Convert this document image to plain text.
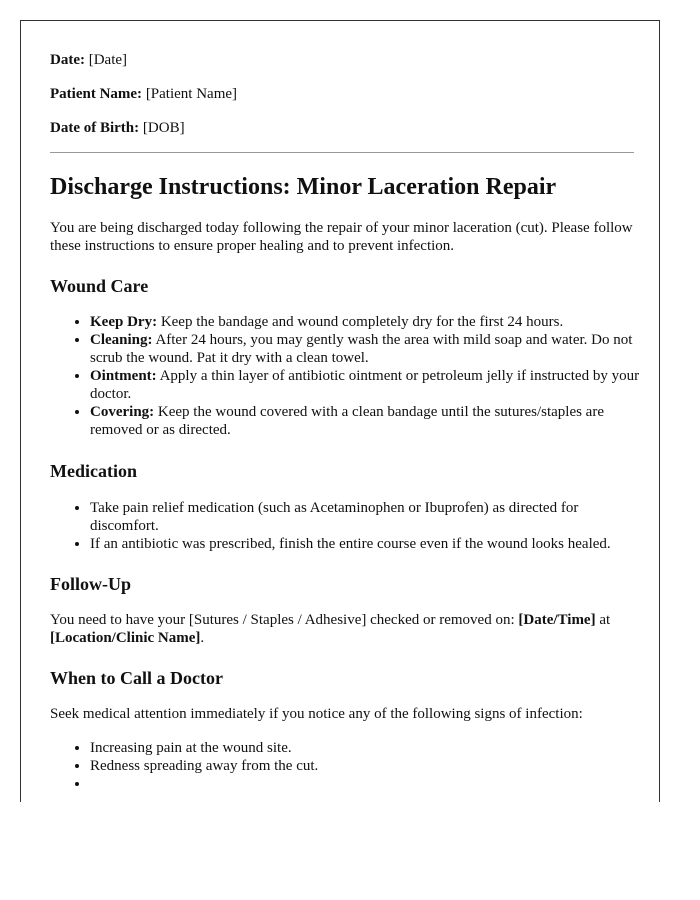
Date: [Date]

Patient Name: [Patient Name]

Date of Birth: [DOB]

Discharge Instructions: Minor Laceration Repair

You are being discharged today following the repair of your minor laceration (cut). Please follow these instructions to ensure proper healing and to prevent infection.

Wound Care
• Keep Dry: Keep the bandage and wound completely dry for the first 24 hours.
• Cleaning: After 24 hours, you may gently wash the area with mild soap and water. Do not scrub the wound. Pat it dry with a clean towel.
• Ointment: Apply a thin layer of antibiotic ointment or petroleum jelly if instructed by your doctor.
• Covering: Keep the wound covered with a clean bandage until the sutures/staples are removed or as directed.
Medication
• Take pain relief medication (such as Acetaminophen or Ibuprofen) as directed for discomfort.
• If an antibiotic was prescribed, finish the entire course even if the wound looks healed.
Follow-Up

You need to have your [Sutures / Staples / Adhesive] checked or removed on: [Date/Time] at [Location/Clinic Name].

When to Call a Doctor

Seek medical attention immediately if you notice any of the following signs of infection:

• Increasing pain at the wound site.
• Redness spreading away from the cut.
•
